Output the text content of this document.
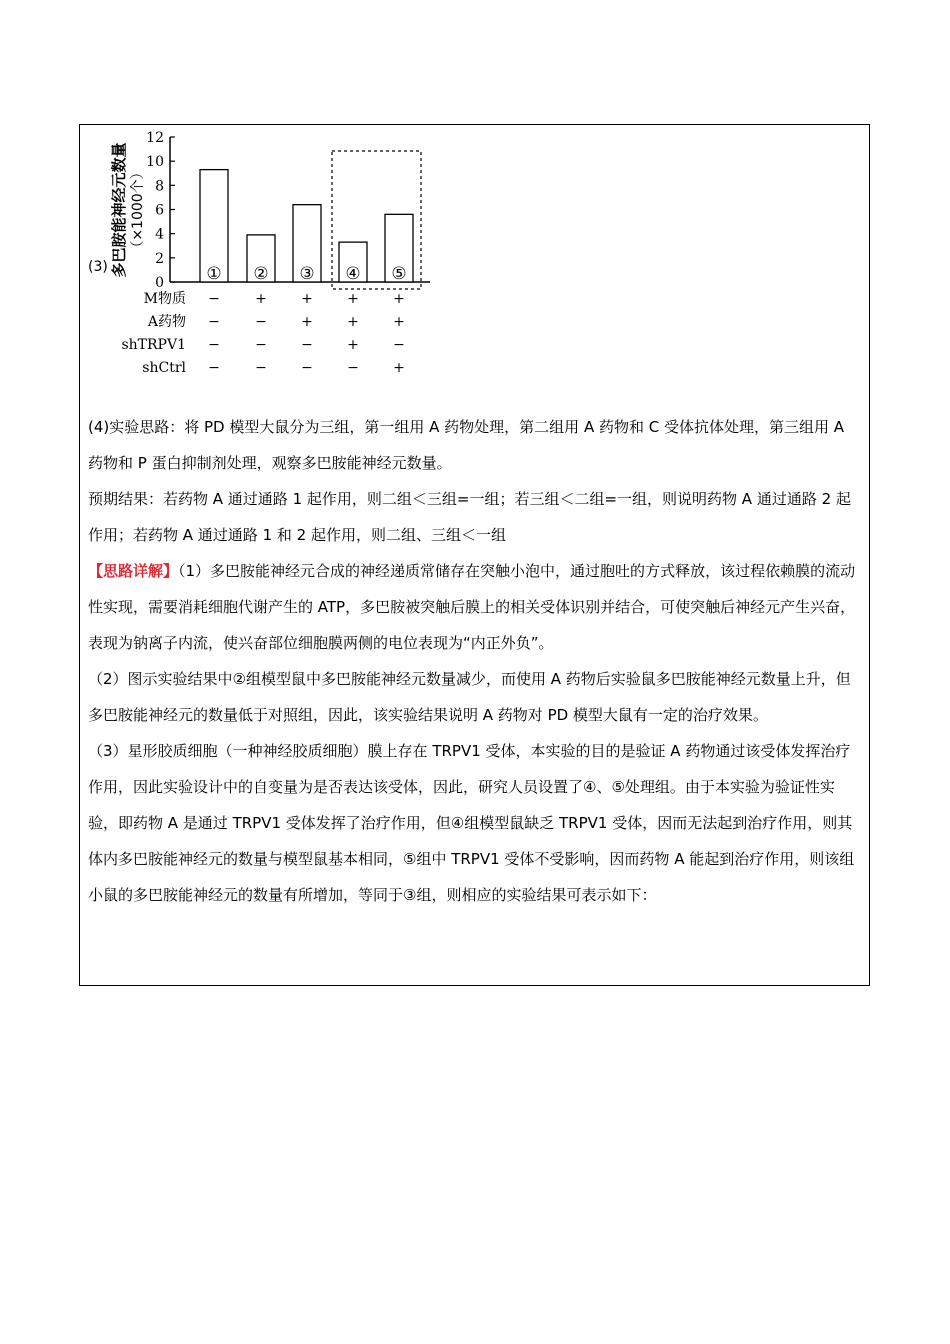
(3) 多巴胺能神经元数量 （×1000个）
0
2
4
6
8
10
12
① ② ③ ④ ⑤
M物质 −	+ + + +
A药物 −	− + + +
shTRPV1 −	− − + −
shCtrl −	− − − +

(4)实验思路：将 PD 模型大鼠分为三组，第一组用 A 药物处理，第二组用 A 药物和 C 受体抗体处理，第三组用 A 药物和 P 蛋白抑制剂处理，观察多巴胺能神经元数量。

预期结果：若药物 A 通过通路 1 起作用，则二组＜三组=一组；若三组＜二组=一组，则说明药物 A 通过通路 2 起作用；若药物 A 通过通路 1 和 2 起作用，则二组、三组＜一组

【思路详解】（1）多巴胺能神经元合成的神经递质常储存在突触小泡中，通过胞吐的方式释放，该过程依赖膜的流动性实现，需要消耗细胞代谢产生的 ATP，多巴胺被突触后膜上的相关受体识别并结合，可使突触后神经元产生兴奋，表现为钠离子内流，使兴奋部位细胞膜两侧的电位表现为“内正外负”。

（2）图示实验结果中②组模型鼠中多巴胺能神经元数量减少，而使用 A 药物后实验鼠多巴胺能神经元数量上升，但多巴胺能神经元的数量低于对照组，因此，该实验结果说明 A 药物对 PD 模型大鼠有一定的治疗效果。

（3）星形胶质细胞（一种神经胶质细胞）膜上存在 TRPV1 受体，本实验的目的是验证 A 药物通过该受体发挥治疗作用，因此实验设计中的自变量为是否表达该受体，因此，研究人员设置了④、⑤处理组。由于本实验为验证性实验，即药物 A 是通过 TRPV1 受体发挥了治疗作用，但④组模型鼠缺乏 TRPV1 受体，因而无法起到治疗作用，则其体内多巴胺能神经元的数量与模型鼠基本相同，⑤组中 TRPV1 受体不受影响，因而药物 A 能起到治疗作用，则该组小鼠的多巴胺能神经元的数量有所增加，等同于③组，则相应的实验结果可表示如下：
